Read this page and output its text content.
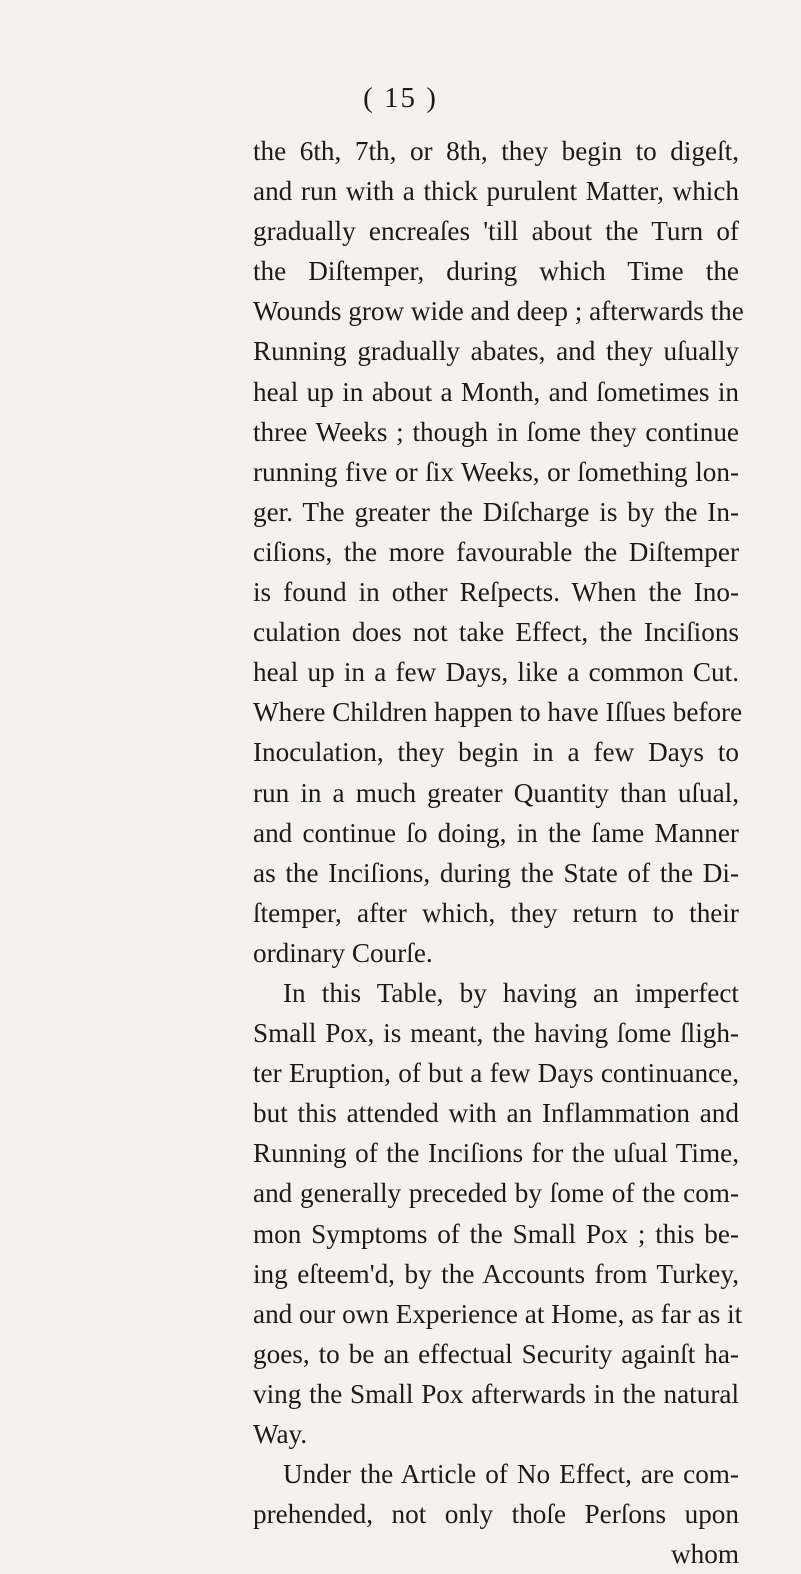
( 15 )
the 6th, 7th, or 8th, they begin to digeſt,
and run with a thick purulent Matter, which
gradually encreaſes 'till about the Turn of
the Diſtemper, during which Time the
Wounds grow wide and deep ; afterwards the
Running gradually abates, and they uſually
heal up in about a Month, and ſometimes in
three Weeks ; though in ſome they continue
running five or ſix Weeks, or ſomething lon-
ger. The greater the Diſcharge is by the In-
ciſions, the more favourable the Diſtemper
is found in other Reſpects. When the Ino-
culation does not take Effect, the Inciſions
heal up in a few Days, like a common Cut.
Where Children happen to have Iſſues before
Inoculation, they begin in a few Days to
run in a much greater Quantity than uſual,
and continue ſo doing, in the ſame Manner
as the Inciſions, during the State of the Di-
ſtemper, after which, they return to their
ordinary Courſe.
In this Table, by having an imperfect
Small Pox, is meant, the having ſome ſligh-
ter Eruption, of but a few Days continuance,
but this attended with an Inflammation and
Running of the Inciſions for the uſual Time,
and generally preceded by ſome of the com-
mon Symptoms of the Small Pox ; this be-
ing eſteem'd, by the Accounts from Turkey,
and our own Experience at Home, as far as it
goes, to be an effectual Security againſt ha-
ving the Small Pox afterwards in the natural
Way.
Under the Article of No Effect, are com-
prehended, not only thoſe Perſons upon
whom
